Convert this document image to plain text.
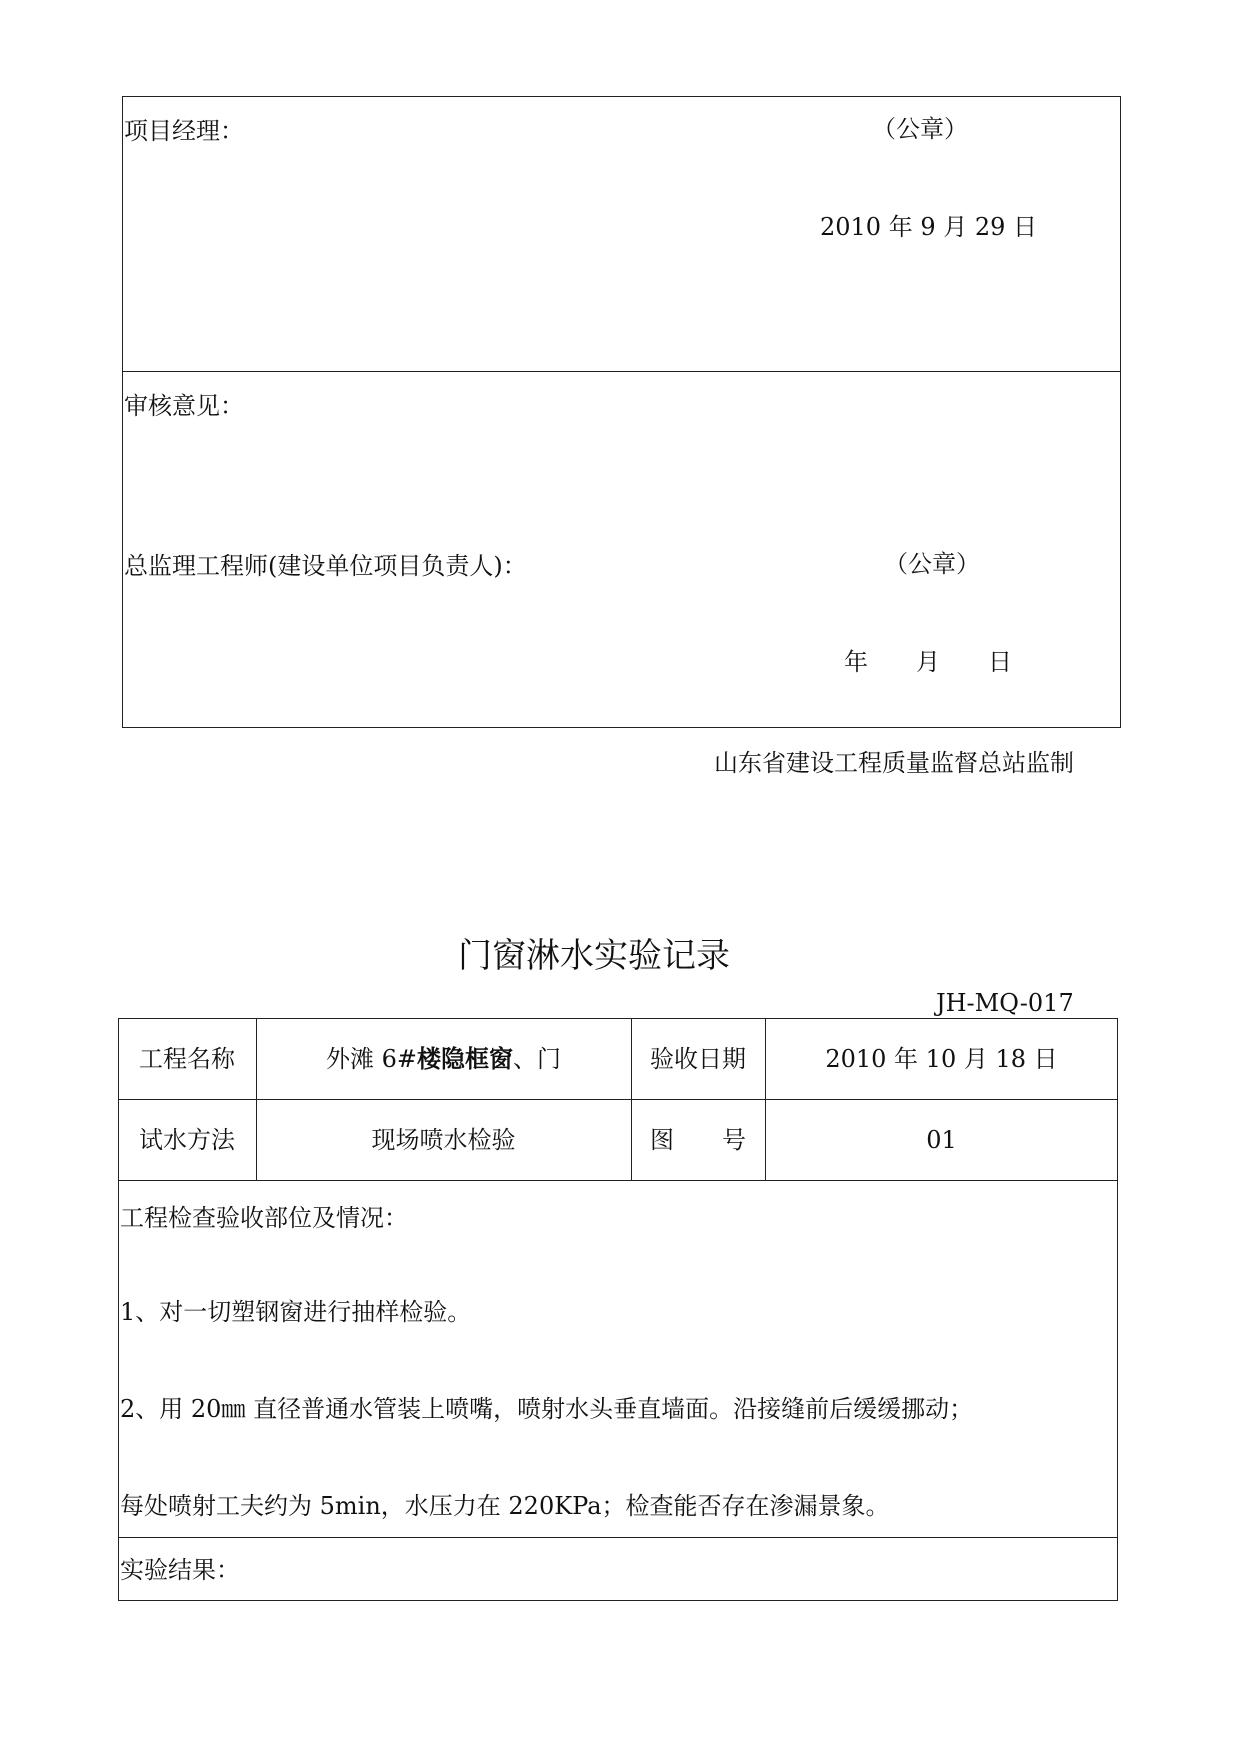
项目经理：	（公章）
2010 年 9 月 29 日
审核意见：
总监理工程师(建设单位项目负责人)：	（公章）
年　　月　　日
山东省建设工程质量监督总站监制
门窗淋水实验记录
JH-MQ-017
工程名称	外滩 6#楼隐框窗、门	验收日期	2010 年 10 月 18 日
试水方法	现场喷水检验	图　　号	01
工程检查验收部位及情况：
1、对一切塑钢窗进行抽样检验。
2、用 20㎜ 直径普通水管装上喷嘴，喷射水头垂直墙面。沿接缝前后缓缓挪动；
每处喷射工夫约为 5min，水压力在 220KPa；检查能否存在渗漏景象。
实验结果：
